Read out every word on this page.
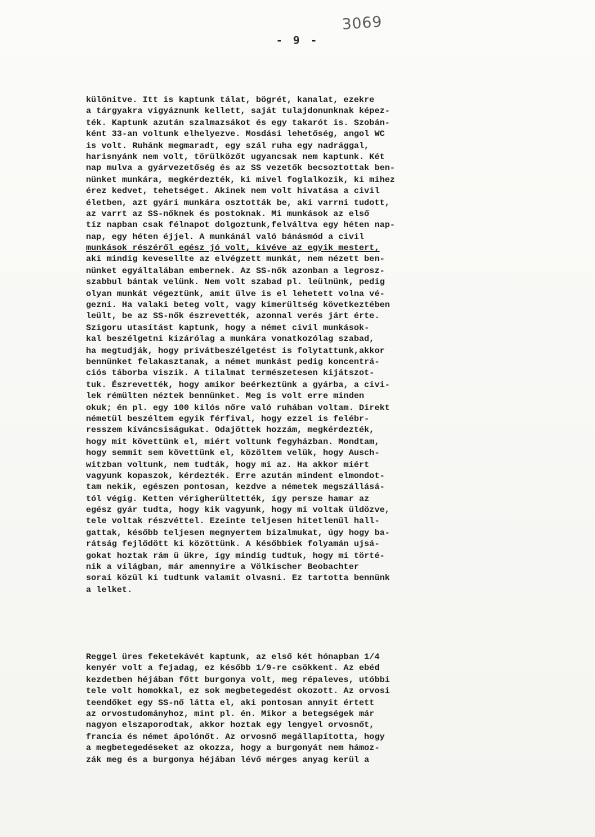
3069
- 9 -
különitve. Itt is kaptunk tálat, bögrét, kanalat, ezekre
a tárgyakra vigyáznunk kellett, saját tulajdonunknak képez-
ték. Kaptunk azután szalmazsákot és egy takarót is. Szobán-
ként 33-an voltunk elhelyezve. Mosdási lehetőség, angol WC
is volt. Ruhánk megmaradt, egy szál ruha egy nadrággal,
harisnyánk nem volt, törülközőt ugyancsak nem kaptunk. Két
nap mulva a gyárvezetőség és az SS vezetők becsoztottak ben-
nünket munkára, megkérdezték, ki mivel foglalkozik, ki mihez
érez kedvet, tehetséget. Akinek nem volt hivatása a civil
életben, azt gyári munkára osztották be, aki varrni tudott,
az varrt az SS-nőknek és postoknak. Mi munkások az első
tíz napban csak félnapot dolgoztunk,felváltva egy héten nap-
nap, egy héten éjjel. A munkánál való bánásmód a civil
munkások részéről egész jó volt, kivéve az egyik mestert,
aki mindig kevesellte az elvégzett munkát, nem nézett ben-
nünket egyáltalában embernek. Az SS-nők azonban a legrosz-
szabbul bántak velünk. Nem volt szabad pl. leülnünk, pedig
olyan munkát végeztünk, amit ülve is el lehetett volna vé-
gezni. Ha valaki beteg volt, vagy kimerültség következtében
leült, be az SS-nők észrevették, azonnal verés járt érte.
Szigoru utasítást kaptunk, hogy a német civil munkások-
kal beszélgetni kizárólag a munkára vonatkozólag szabad,
ha megtudják, hogy privátbeszélgetést is folytattunk,akkor
bennünket felakasztanak, a német munkást pedig koncentrá-
ciós táborba viszik. A tilalmat természetesen kijátszot-
tuk. Észrevették, hogy amikor beérkeztünk a gyárba, a civi-
lek rémülten néztek bennünket. Meg is volt erre minden
okuk; én pl. egy 100 kilós nőre való ruhában voltam. Direkt
németül beszéltem egyik férfival, hogy ezzel is felébr-
resszem kíváncsiságukat. Odajöttek hozzám, megkérdezték,
hogy mit követtünk el, miért voltunk fegyházban. Mondtam,
hogy semmit sem követtünk el, közöltem velük, hogy Ausch-
witzban voltunk, nem tudták, hogy mi az. Ha akkor miért
vagyunk kopaszok, kérdezték. Erre azután mindent elmondot-
tam nekik, egészen pontosan, kezdve a németek megszállásá-
tól végig. Ketten vérigherültették, így persze hamar az
egész gyár tudta, hogy kik vagyunk, hogy mi voltak üldözve,
tele voltak részvéttel. Ezeinte teljesen hitetlenül hall-
gattak, később teljesen megnyertem bizalmukat, úgy hogy ba-
rátság fejlődött ki közöttünk. A későbbiek folyamán ujsá-
gokat hoztak rám ü ükre, így mindig tudtuk, hogy mi törté-
nik a világban, már amennyire a Völkischer Beobachter
sorai közül ki tudtunk valamit olvasni. Ez tartotta bennünk
a lelket.
Reggel üres feketekávét kaptunk, az első két hónapban 1/4
kenyér volt a fejadag, ez később 1/9-re csökkent. Az ebéd
kezdetben héjában főtt burgonya volt, meg répaleves, utóbbi
tele volt homokkal, ez sok megbetegedést okozott. Az orvosi
teendőket egy SS-nő látta el, aki pontosan annyit értett
az orvostudományhoz, mint pl. én. Mikor a betegségek már
nagyon elszaporodtak, akkor hoztak egy lengyel orvosnőt,
francia és német ápolónőt. Az orvosnő megállapította, hogy
a megbetegedéseket az okozza, hogy a burgonyát nem hámoz-
zák meg és a burgonya héjában lévő mérges anyag kerül a
